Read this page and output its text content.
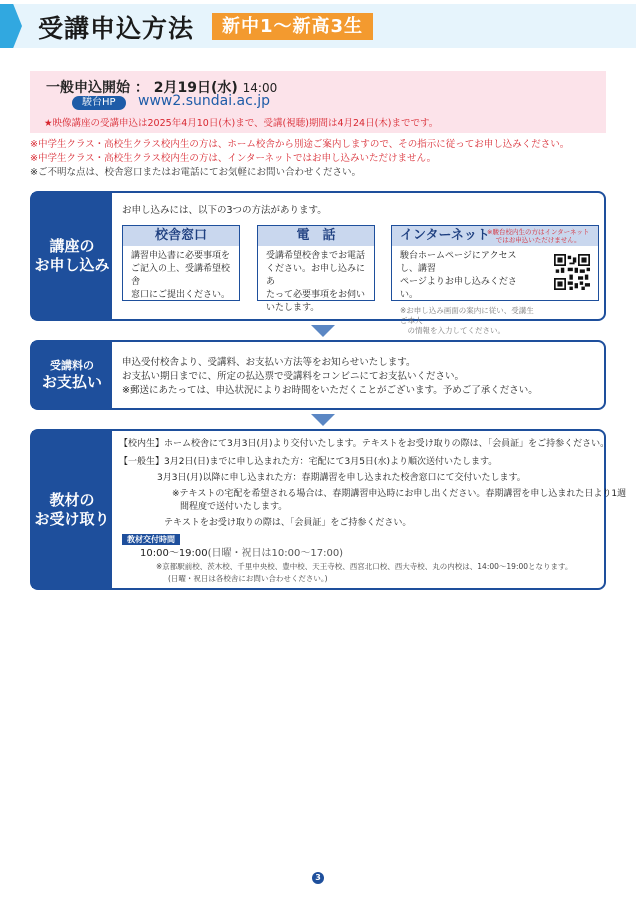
受講申込方法	新中1～新高3生
一般申込開始 ： 2月19日(水) 14:00
駿台HP	www2.sundai.ac.jp
★映像講座の受講申込は2025年4月10日(木)まで、受講(視聴)期間は4月24日(木)までです。
※中学生クラス・高校生クラス校内生の方は、ホーム校舎から別途ご案内しますので、その指示に従ってお申し込みください。
※中学生クラス・高校生クラス校内生の方は、インターネットではお申し込みいただけません。
※ご不明な点は、校舎窓口またはお電話にてお気軽にお問い合わせください。
講座の
お申し込み
お申し込みには、以下の3つの方法があります。
校舎窓口
講習申込書に必要事項を
ご記入の上、受講希望校舎
窓口にご提出ください。
電　話
受講希望校舎までお電話
ください。お申し込みにあ
たって必要事項をお伺い
いたします。
インターネット
※駿台校内生の方はインターネット
ではお申込いただけません。
駿台ホームページにアクセスし、講習
ページよりお申し込みください。
※お申し込み画面の案内に従い、受講生ご本人
　の情報を入力してください。
受講料の
お支払い
申込受付校舎より、受講料、お支払い方法等をお知らせいたします。
お支払い期日までに、所定の払込票で受講料をコンビニにてお支払いください。
※郵送にあたっては、申込状況によりお時間をいただくことがございます。予めご了承ください。
教材の
お受け取り
【校内生】ホーム校舎にて3月3日(月)より交付いたします。テキストをお受け取りの際は、「会員証」をご持参ください。
【一般生】3月2日(日)までに申し込まれた方：宅配にて3月5日(水)より順次送付いたします。
3月3日(月)以降に申し込まれた方：春期講習を申し込まれた校舎窓口にて交付いたします。
※テキストの宅配を希望される場合は、春期講習申込時にお申し出ください。春期講習を申し込まれた日より1週
間程度で送付いたします。
テキストをお受け取りの際は、「会員証」をご持参ください。
教材交付時間
10:00～19:00(日曜・祝日は10:00～17:00)
※京都駅前校、茨木校、千里中央校、豊中校、天王寺校、西宮北口校、西大寺校、丸の内校は、14:00～19:00となります。
(日曜・祝日は各校舎にお問い合わせください。)
3
